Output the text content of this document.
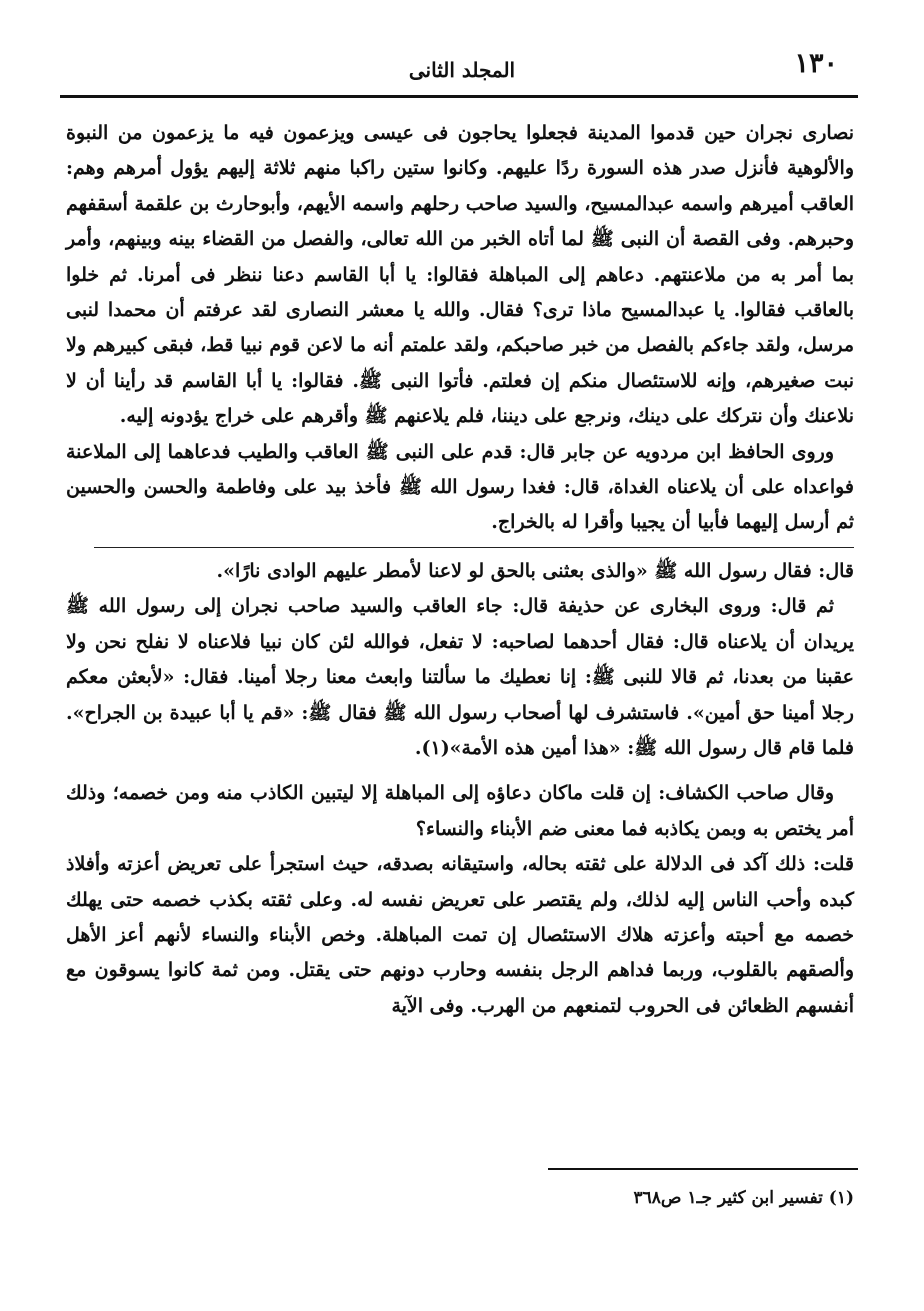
١٣٠
المجلد الثانى

نصارى نجران حين قدموا المدينة فجعلوا يحاجون فى عيسى ويزعمون فيه ما يزعمون من النبوة والألوهية فأنزل صدر هذه السورة ردًا عليهم. وكانوا ستين راكبا منهم ثلاثة إليهم يؤول أمرهم وهم: العاقب أميرهم واسمه عبدالمسيح، والسيد صاحب رحلهم واسمه الأيهم، وأبوحارث بن علقمة أسقفهم وحبرهم. وفى القصة أن النبى ﷺ لما أتاه الخبر من الله تعالى، والفصل من القضاء بينه وبينهم، وأمر بما أمر به من ملاعنتهم. دعاهم إلى المباهلة فقالوا: يا أبا القاسم دعنا ننظر فى أمرنا. ثم خلوا بالعاقب فقالوا. يا عبدالمسيح ماذا ترى؟ فقال. والله يا معشر النصارى لقد عرفتم أن محمدا لنبى مرسل، ولقد جاءكم بالفصل من خبر صاحبكم، ولقد علمتم أنه ما لاعن قوم نبيا قط، فبقى كبيرهم ولا نبت صغيرهم، وإنه للاستئصال منكم إن فعلتم. فأتوا النبى ﷺ. فقالوا: يا أبا القاسم قد رأينا أن لا نلاعنك وأن نتركك على دينك، ونرجع على ديننا، فلم يلاعنهم ﷺ وأقرهم على خراج يؤدونه إليه.

وروى الحافظ ابن مردويه عن جابر قال: قدم على النبى ﷺ العاقب والطيب فدعاهما إلى الملاعنة فواعداه على أن يلاعناه الغداة، قال: فغدا رسول الله ﷺ فأخذ بيد على وفاطمة والحسن والحسين ثم أرسل إليهما فأبيا أن يجيبا وأقرا له بالخراج.

قال: فقال رسول الله ﷺ «والذى بعثنى بالحق لو لاعنا لأمطر عليهم الوادى نارًا».

ثم قال: وروى البخارى عن حذيفة قال: جاء العاقب والسيد صاحب نجران إلى رسول الله ﷺ يريدان أن يلاعناه قال: فقال أحدهما لصاحبه: لا تفعل، فوالله لئن كان نبيا فلاعناه لا نفلح نحن ولا عقبنا من بعدنا، ثم قالا للنبى ﷺ: إنا نعطيك ما سألتنا وابعث معنا رجلا أمينا. فقال: «لأبعثن معكم رجلا أمينا حق أمين». فاستشرف لها أصحاب رسول الله ﷺ فقال ﷺ: «قم يا أبا عبيدة بن الجراح». فلما قام قال رسول الله ﷺ: «هذا أمين هذه الأمة»(١).

وقال صاحب الكشاف: إن قلت ماكان دعاؤه إلى المباهلة إلا ليتبين الكاذب منه ومن خصمه؛ وذلك أمر يختص به وبمن يكاذبه فما معنى ضم الأبناء والنساء؟

قلت: ذلك آكد فى الدلالة على ثقته بحاله، واستيقانه بصدقه، حيث استجرأ على تعريض أعزته وأفلاذ كبده وأحب الناس إليه لذلك، ولم يقتصر على تعريض نفسه له. وعلى ثقته بكذب خصمه حتى يهلك خصمه مع أحبته وأعزته هلاك الاستئصال إن تمت المباهلة. وخص الأبناء والنساء لأنهم أعز الأهل وألصقهم بالقلوب، وربما فداهم الرجل بنفسه وحارب دونهم حتى يقتل. ومن ثمة كانوا يسوقون مع أنفسهم الظعائن فى الحروب لتمنعهم من الهرب. وفى الآية

(١) تفسير ابن كثير جـ١ ص٣٦٨
